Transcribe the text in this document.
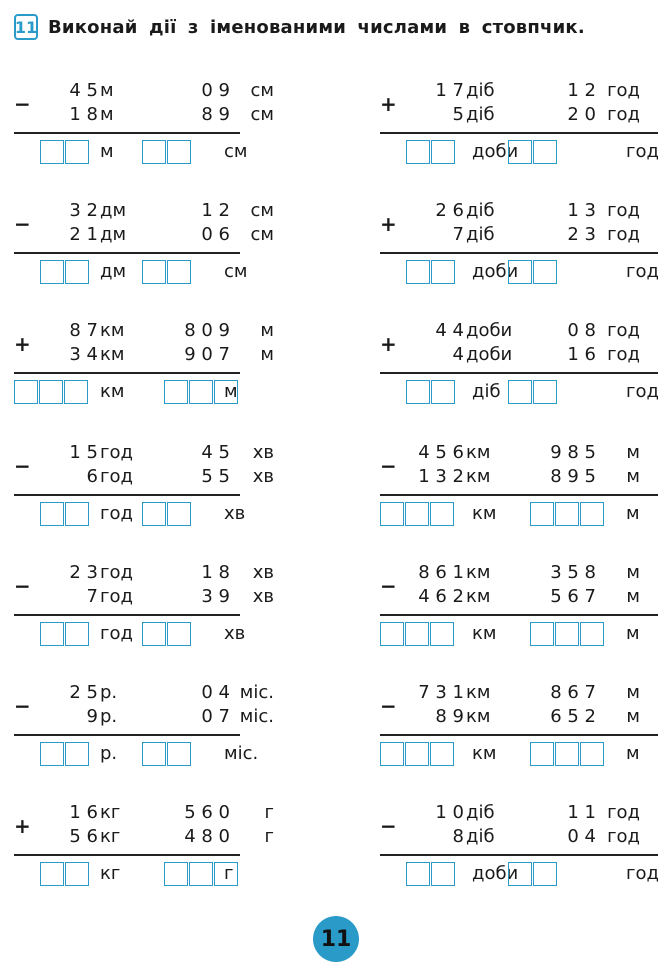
11 Виконай дії з іменованими числами в стовпчик.
−
4 5 м	0 9	см
1 8 м	8 9	см
м	см
+
1 7 діб	1 2 год
5 діб	2 0 год
доби	год
−
3 2 дм	1 2	см
2 1 дм	0 6	см
дм	см
+
2 6 діб	1 3 год
7 діб	2 3 год
доби	год
+
8 7 км	8 0 9	м
3 4 км	9 0 7	м
км	м
+
4 4 доби	0 8 год
4 доби	1 6 год
діб	год
−
1 5 год	4 5	хв
6 год	5 5	хв
год	хв
−
4 5 6 км	9 8 5	м
1 3 2 км	8 9 5	м
км	м
−
2 3 год	1 8	хв
7 год	3 9	хв
год	хв
−
8 6 1 км	3 5 8	м
4 6 2 км	5 6 7	м
км	м
−
2 5 р.	0 4 міс.
9 р.	0 7 міс.
р.	міс.
−
7 3 1 км	8 6 7	м
8 9 км	6 5 2	м
км	м
+
1 6 кг	5 6 0	г
5 6 кг	4 8 0	г
кг	г
−
1 0 діб	1 1 год
8 діб	0 4 год
доби	год
11
